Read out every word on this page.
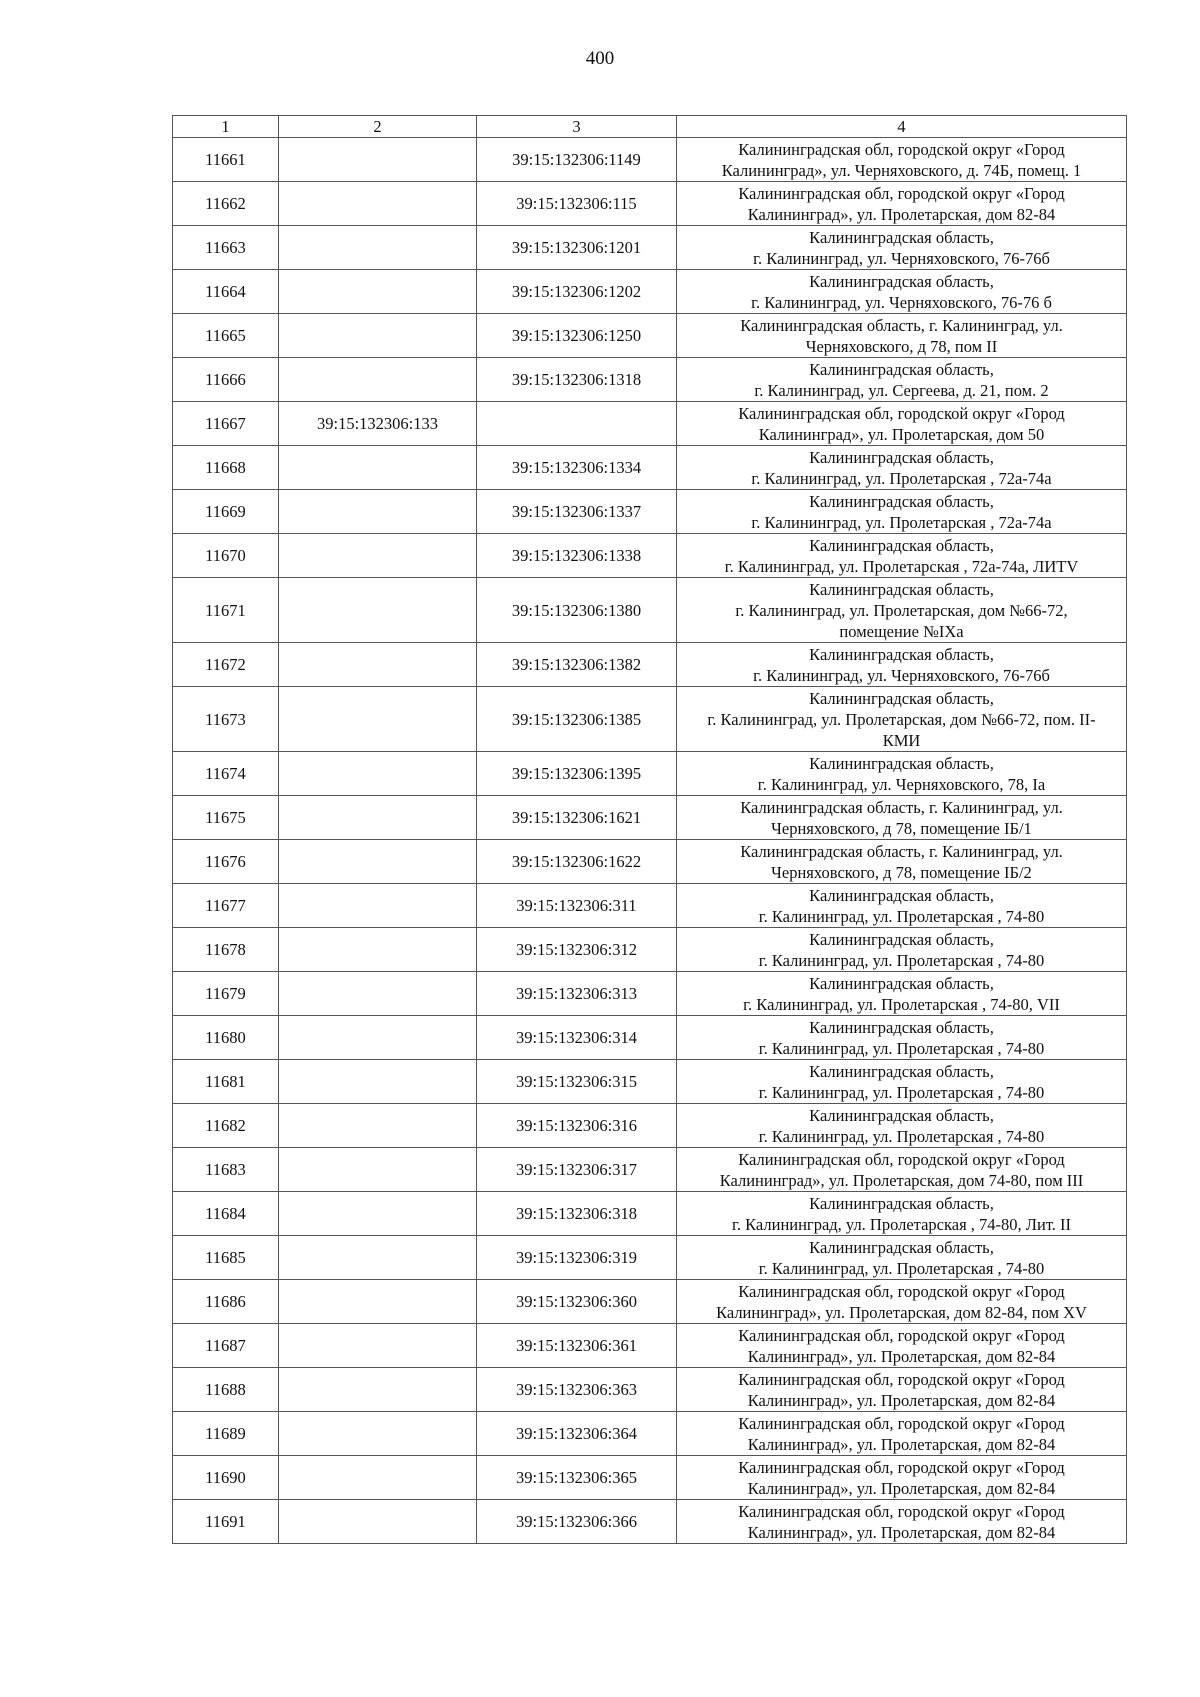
400
1	2	3	4
11661		39:15:132306:1149	Калининградская обл, городской округ «Город
Калининград», ул. Черняховского, д. 74Б, помещ. 1
11662		39:15:132306:115	Калининградская обл, городской округ «Город
Калининград», ул. Пролетарская, дом 82-84
11663		39:15:132306:1201	Калининградская область,
г. Калининград, ул. Черняховского, 76-76б
11664		39:15:132306:1202	Калининградская область,
г. Калининград, ул. Черняховского, 76-76 б
11665		39:15:132306:1250	Калининградская область, г. Калининград, ул.
Черняховского, д 78, пом II
11666		39:15:132306:1318	Калининградская область,
г. Калининград, ул. Сергеева, д. 21, пом. 2
11667	39:15:132306:133		Калининградская обл, городской округ «Город
Калининград», ул. Пролетарская, дом 50
11668		39:15:132306:1334	Калининградская область,
г. Калининград, ул. Пролетарская , 72а-74а
11669		39:15:132306:1337	Калининградская область,
г. Калининград, ул. Пролетарская , 72а-74а
11670		39:15:132306:1338	Калининградская область,
г. Калининград, ул. Пролетарская , 72а-74а, ЛИТV
11671		39:15:132306:1380	Калининградская область,
г. Калининград, ул. Пролетарская, дом №66-72,
помещение №IXа
11672		39:15:132306:1382	Калининградская область,
г. Калининград, ул. Черняховского, 76-76б
11673		39:15:132306:1385	Калининградская область,
г. Калининград, ул. Пролетарская, дом №66-72, пом. II-
КМИ
11674		39:15:132306:1395	Калининградская область,
г. Калининград, ул. Черняховского, 78, Iа
11675		39:15:132306:1621	Калининградская область, г. Калининград, ул.
Черняховского, д 78, помещение IБ/1
11676		39:15:132306:1622	Калининградская область, г. Калининград, ул.
Черняховского, д 78, помещение IБ/2
11677		39:15:132306:311	Калининградская область,
г. Калининград, ул. Пролетарская , 74-80
11678		39:15:132306:312	Калининградская область,
г. Калининград, ул. Пролетарская , 74-80
11679		39:15:132306:313	Калининградская область,
г. Калининград, ул. Пролетарская , 74-80, VII
11680		39:15:132306:314	Калининградская область,
г. Калининград, ул. Пролетарская , 74-80
11681		39:15:132306:315	Калининградская область,
г. Калининград, ул. Пролетарская , 74-80
11682		39:15:132306:316	Калининградская область,
г. Калининград, ул. Пролетарская , 74-80
11683		39:15:132306:317	Калининградская обл, городской округ «Город
Калининград», ул. Пролетарская, дом 74-80, пом III
11684		39:15:132306:318	Калининградская область,
г. Калининград, ул. Пролетарская , 74-80, Лит. II
11685		39:15:132306:319	Калининградская область,
г. Калининград, ул. Пролетарская , 74-80
11686		39:15:132306:360	Калининградская обл, городской округ «Город
Калининград», ул. Пролетарская, дом 82-84, пом XV
11687		39:15:132306:361	Калининградская обл, городской округ «Город
Калининград», ул. Пролетарская, дом 82-84
11688		39:15:132306:363	Калининградская обл, городской округ «Город
Калининград», ул. Пролетарская, дом 82-84
11689		39:15:132306:364	Калининградская обл, городской округ «Город
Калининград», ул. Пролетарская, дом 82-84
11690		39:15:132306:365	Калининградская обл, городской округ «Город
Калининград», ул. Пролетарская, дом 82-84
11691		39:15:132306:366	Калининградская обл, городской округ «Город
Калининград», ул. Пролетарская, дом 82-84
